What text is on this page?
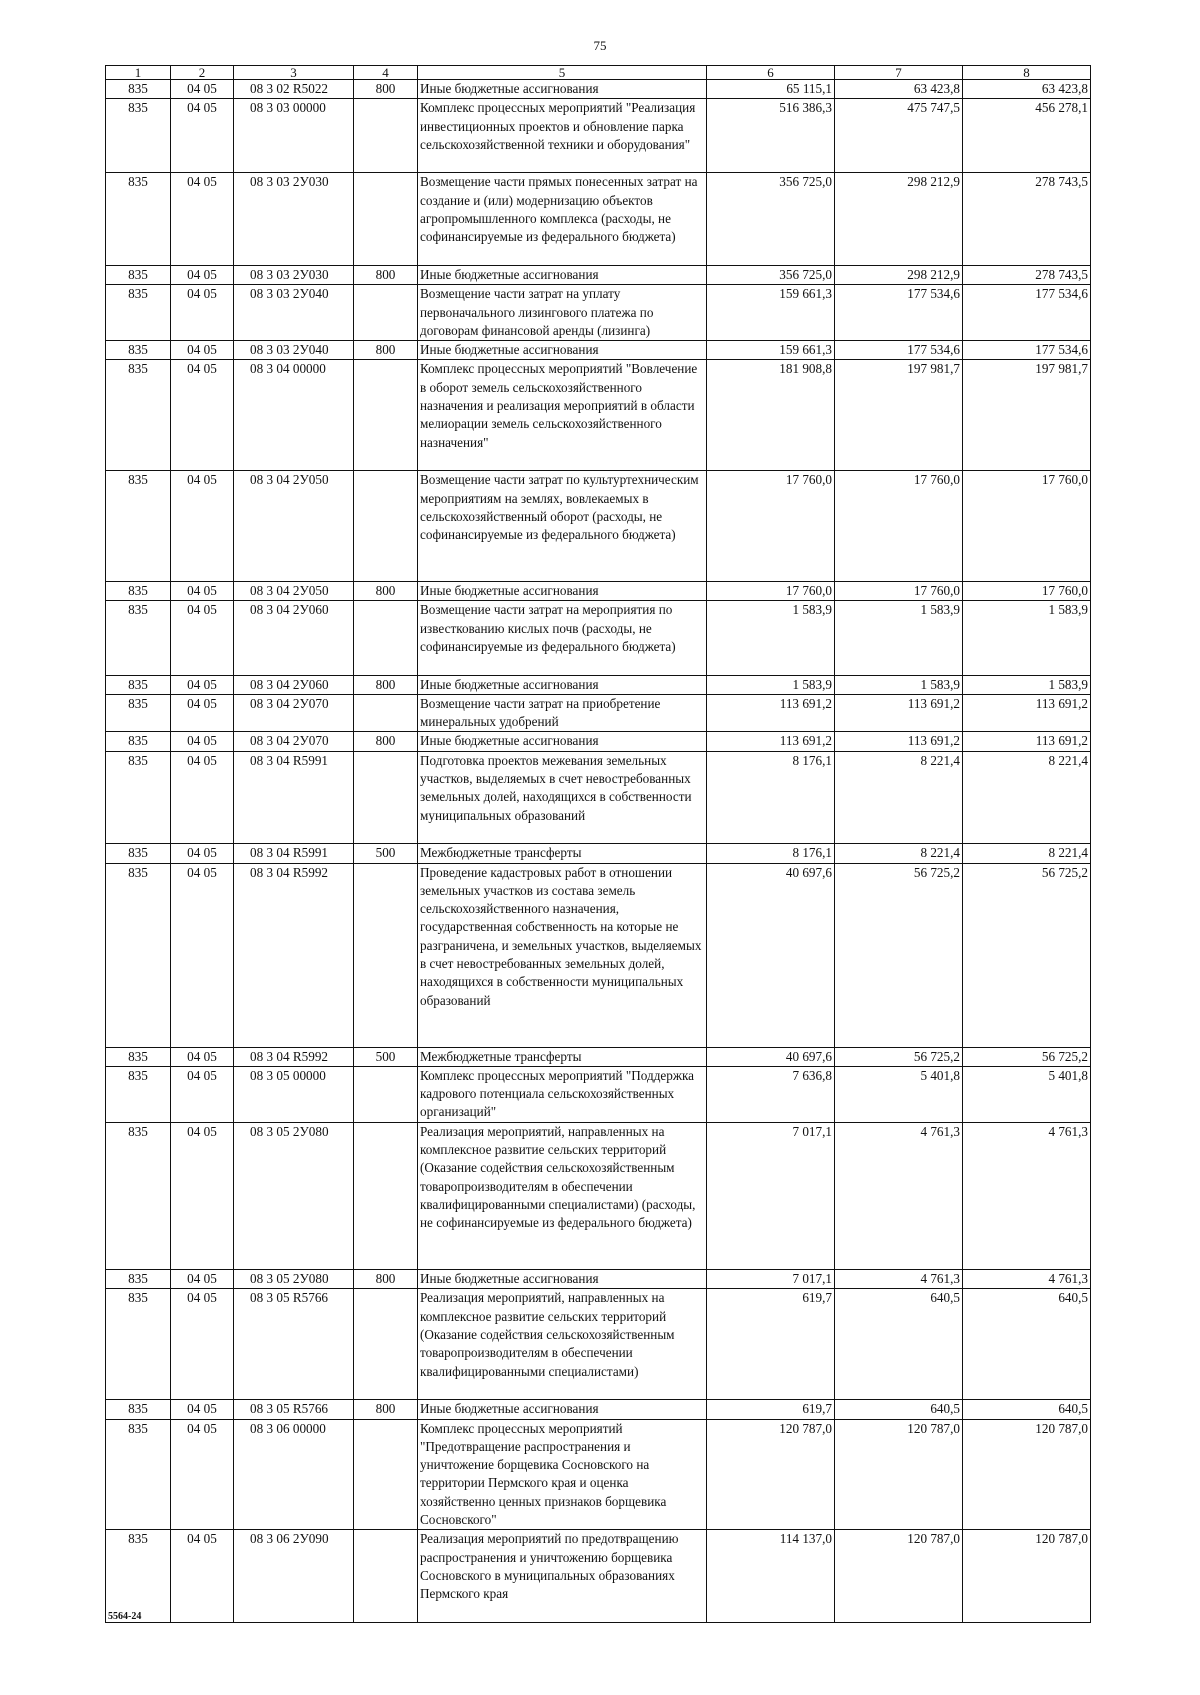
75
1	2	3	4	5	6	7	8
835	04 05	08 3 02 R5022	800	Иные бюджетные ассигнования	65 115,1	63 423,8	63 423,8
835	04 05	08 3 03 00000		Комплекс процессных мероприятий "Реализация инвестиционных проектов и обновление парка сельскохозяйственной техники и оборудования"	516 386,3	475 747,5	456 278,1
835	04 05	08 3 03 2У030		Возмещение части прямых понесенных затрат на создание и (или) модернизацию объектов агропромышленного комплекса (расходы, не софинансируемые из федерального бюджета)	356 725,0	298 212,9	278 743,5
835	04 05	08 3 03 2У030	800	Иные бюджетные ассигнования	356 725,0	298 212,9	278 743,5
835	04 05	08 3 03 2У040		Возмещение части затрат на уплату первоначального лизингового платежа по договорам финансовой аренды (лизинга)	159 661,3	177 534,6	177 534,6
835	04 05	08 3 03 2У040	800	Иные бюджетные ассигнования	159 661,3	177 534,6	177 534,6
835	04 05	08 3 04 00000		Комплекс процессных мероприятий "Вовлечение в оборот земель сельскохозяйственного назначения и реализация мероприятий в области мелиорации земель сельскохозяйственного назначения"	181 908,8	197 981,7	197 981,7
835	04 05	08 3 04 2У050		Возмещение части затрат по культуртехническим мероприятиям на землях, вовлекаемых в сельскохозяйственный оборот (расходы, не софинансируемые из федерального бюджета)	17 760,0	17 760,0	17 760,0
835	04 05	08 3 04 2У050	800	Иные бюджетные ассигнования	17 760,0	17 760,0	17 760,0
835	04 05	08 3 04 2У060		Возмещение части затрат на мероприятия по известкованию кислых почв (расходы, не софинансируемые из федерального бюджета)	1 583,9	1 583,9	1 583,9
835	04 05	08 3 04 2У060	800	Иные бюджетные ассигнования	1 583,9	1 583,9	1 583,9
835	04 05	08 3 04 2У070		Возмещение части затрат на приобретение минеральных удобрений	113 691,2	113 691,2	113 691,2
835	04 05	08 3 04 2У070	800	Иные бюджетные ассигнования	113 691,2	113 691,2	113 691,2
835	04 05	08 3 04 R5991		Подготовка проектов межевания земельных участков, выделяемых в счет невостребованных земельных долей, находящихся в собственности муниципальных образований	8 176,1	8 221,4	8 221,4
835	04 05	08 3 04 R5991	500	Межбюджетные трансферты	8 176,1	8 221,4	8 221,4
835	04 05	08 3 04 R5992		Проведение кадастровых работ в отношении земельных участков из состава земель сельскохозяйственного назначения, государственная собственность на которые не разграничена, и земельных участков, выделяемых в счет невостребованных земельных долей, находящихся в собственности муниципальных образований	40 697,6	56 725,2	56 725,2
835	04 05	08 3 04 R5992	500	Межбюджетные трансферты	40 697,6	56 725,2	56 725,2
835	04 05	08 3 05 00000		Комплекс процессных мероприятий "Поддержка кадрового потенциала сельскохозяйственных организаций"	7 636,8	5 401,8	5 401,8
835	04 05	08 3 05 2У080		Реализация мероприятий, направленных на комплексное развитие сельских территорий (Оказание содействия сельскохозяйственным товаропроизводителям в обеспечении квалифицированными специалистами) (расходы, не софинансируемые из федерального бюджета)	7 017,1	4 761,3	4 761,3
835	04 05	08 3 05 2У080	800	Иные бюджетные ассигнования	7 017,1	4 761,3	4 761,3
835	04 05	08 3 05 R5766		Реализация мероприятий, направленных на комплексное развитие сельских территорий (Оказание содействия сельскохозяйственным товаропроизводителям в обеспечении квалифицированными специалистами)	619,7	640,5	640,5
835	04 05	08 3 05 R5766	800	Иные бюджетные ассигнования	619,7	640,5	640,5
835	04 05	08 3 06 00000		Комплекс процессных мероприятий "Предотвращение распространения и уничтожение борщевика Сосновского на территории Пермского края и оценка хозяйственно ценных признаков борщевика Сосновского"	120 787,0	120 787,0	120 787,0
835	04 05	08 3 06 2У090		Реализация мероприятий по предотвращению распространения и уничтожению борщевика Сосновского в муниципальных образованиях Пермского края	114 137,0	120 787,0	120 787,0
5564-24
